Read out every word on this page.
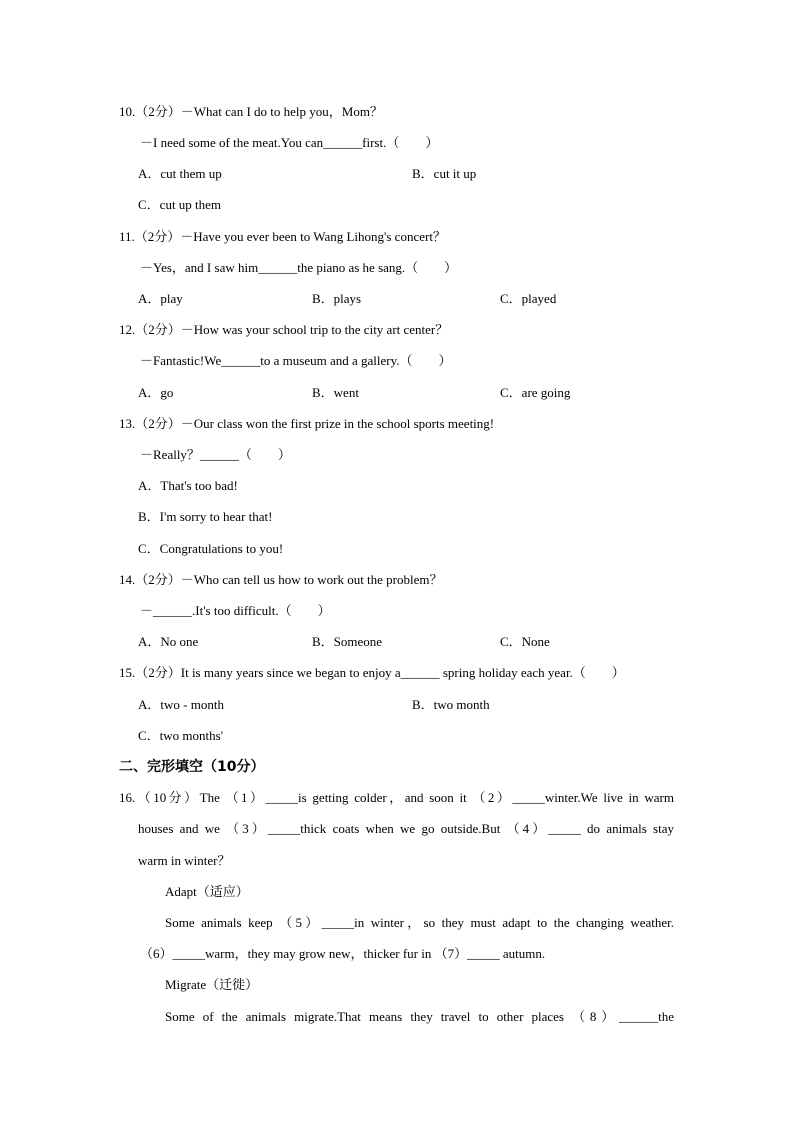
10.（2分）－What can I do to help you，Mom？
－I need some of the meat.You can______first.（　　）
A．cut them up	B．cut it up
C．cut up them
11.（2分）－Have you ever been to Wang Lihong's concert？
－Yes，and I saw him______the piano as he sang.（　　）
A．play	B．plays	C．played
12.（2分）－How was your school trip to the city art center？
－Fantastic!We______to a museum and a gallery.（　　）
A．go	B．went	C．are going
13.（2分）－Our class won the first prize in the school sports meeting!
－Really？______（　　）
A．That's too bad!
B．I'm sorry to hear that!
C．Congratulations to you!
14.（2分）－Who can tell us how to work out the problem？
－______.It's too difficult.（　　）
A．No one	B．Someone	C．None
15.（2分）It is many years since we began to enjoy a______ spring holiday each year.（　　）
A．two - month	B．two month
C．two months'
二、完形填空（10分）
16.（10分）The （1）_____is getting colder，and soon it （2）_____winter.We live in warm
houses and we （3）_____thick coats when we go outside.But （4）_____ do animals stay
warm in winter？
Adapt（适应）
Some animals keep （5）_____in winter，so they must adapt to the changing weather.
（6）_____warm，they may grow new，thicker fur in （7）_____ autumn.
Migrate（迁徙）
Some of the animals migrate.That means they travel to other places （8）______the
